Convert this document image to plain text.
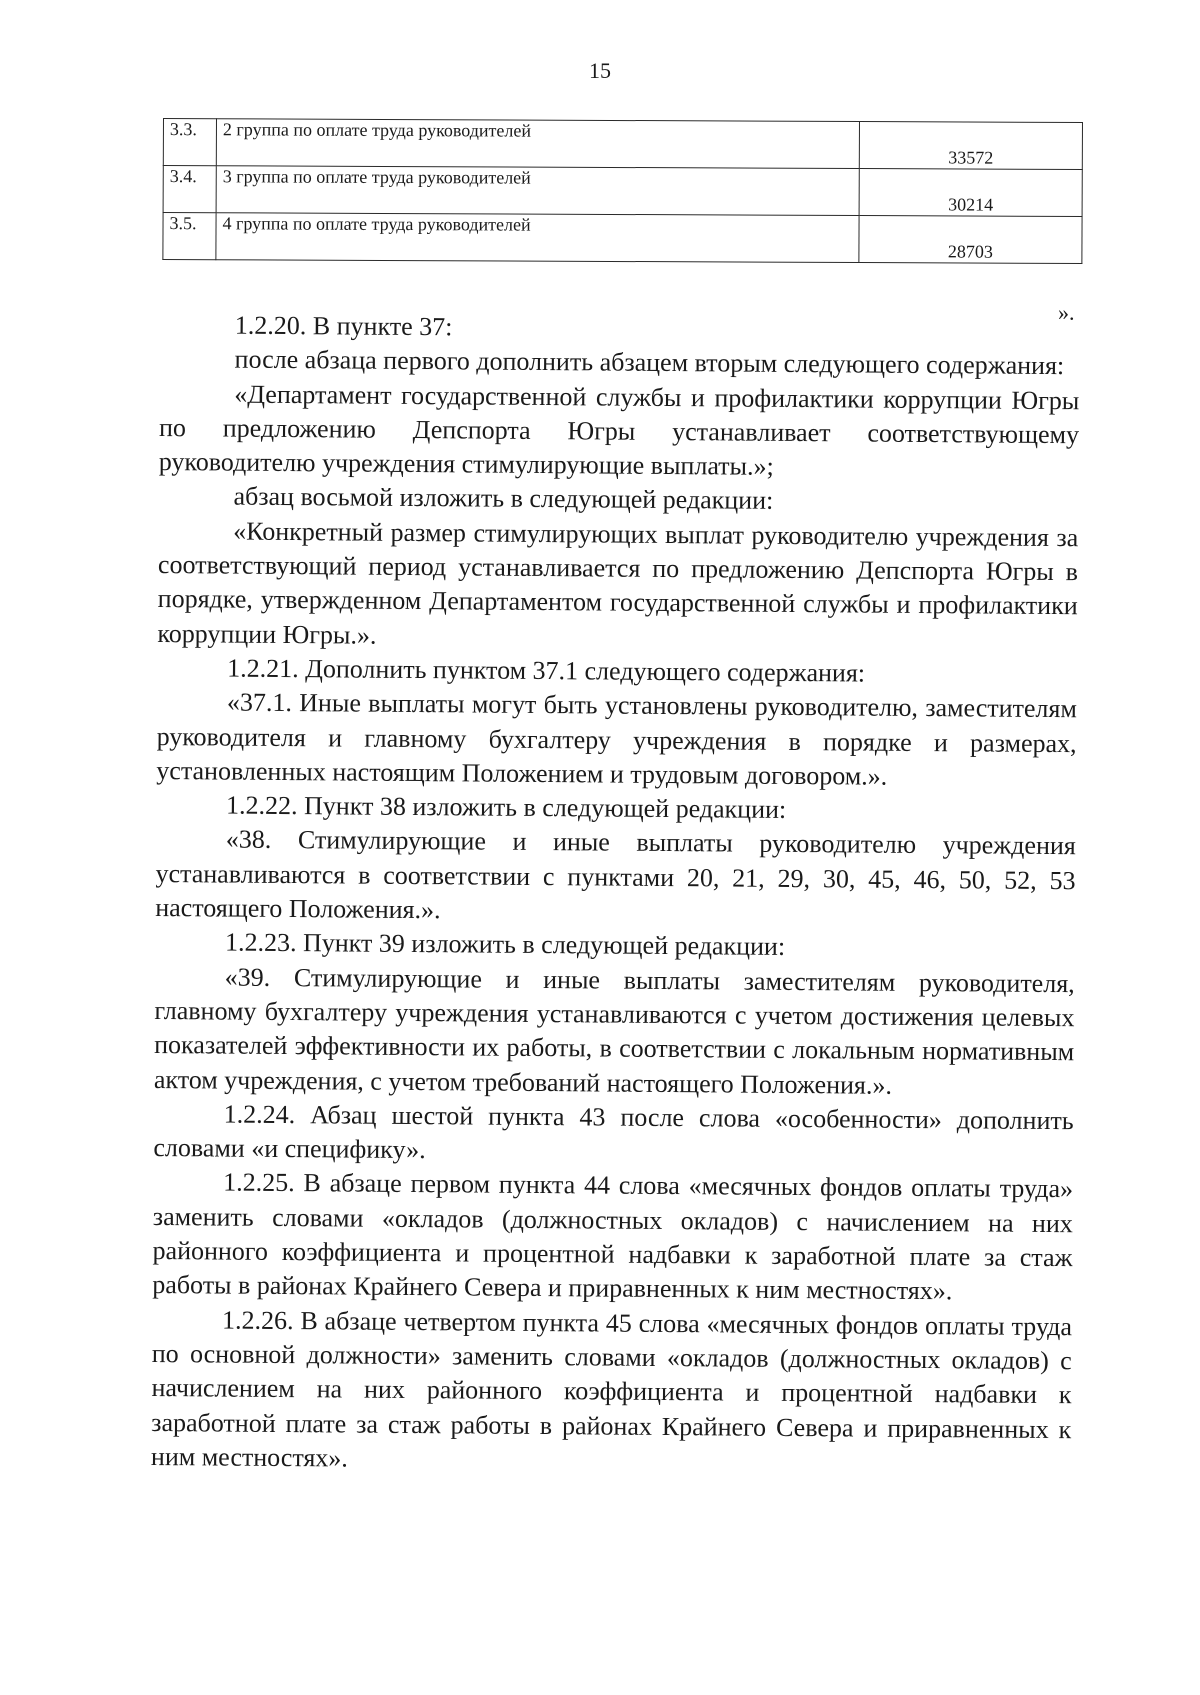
15
3.3.	2 группа по оплате труда руководителей	33572
3.4.	3 группа по оплате труда руководителей	30214
3.5.	4 группа по оплате труда руководителей	28703
».

1.2.20. В пункте 37:

после абзаца первого дополнить абзацем вторым следующего содержания:

«Департамент государственной службы и профилактики коррупции Югры по предложению Депспорта Югры устанавливает соответствующему руководителю учреждения стимулирующие выплаты.»;

абзац восьмой изложить в следующей редакции:

«Конкретный размер стимулирующих выплат руководителю учреждения за соответствующий период устанавливается по предложению Депспорта Югры в порядке, утвержденном Департаментом государственной службы и профилактики коррупции Югры.».

1.2.21. Дополнить пунктом 37.1 следующего содержания:

«37.1. Иные выплаты могут быть установлены руководителю, заместителям руководителя и главному бухгалтеру учреждения в порядке и размерах, установленных настоящим Положением и трудовым договором.».

1.2.22. Пункт 38 изложить в следующей редакции:

«38. Стимулирующие и иные выплаты руководителю учреждения устанавливаются в соответствии с пунктами 20, 21, 29, 30, 45, 46, 50, 52, 53 настоящего Положения.».

1.2.23. Пункт 39 изложить в следующей редакции:

«39. Стимулирующие и иные выплаты заместителям руководителя, главному бухгалтеру учреждения устанавливаются с учетом достижения целевых показателей эффективности их работы, в соответствии с локальным нормативным актом учреждения, с учетом требований настоящего Положения.».

1.2.24. Абзац шестой пункта 43 после слова «особенности» дополнить словами «и специфику».

1.2.25. В абзаце первом пункта 44 слова «месячных фондов оплаты труда» заменить словами «окладов (должностных окладов) с начислением на них районного коэффициента и процентной надбавки к заработной плате за стаж работы в районах Крайнего Севера и приравненных к ним местностях».

1.2.26. В абзаце четвертом пункта 45 слова «месячных фондов оплаты труда по основной должности» заменить словами «окладов (должностных окладов) с начислением на них районного коэффициента и процентной надбавки к заработной плате за стаж работы в районах Крайнего Севера и приравненных к ним местностях».
